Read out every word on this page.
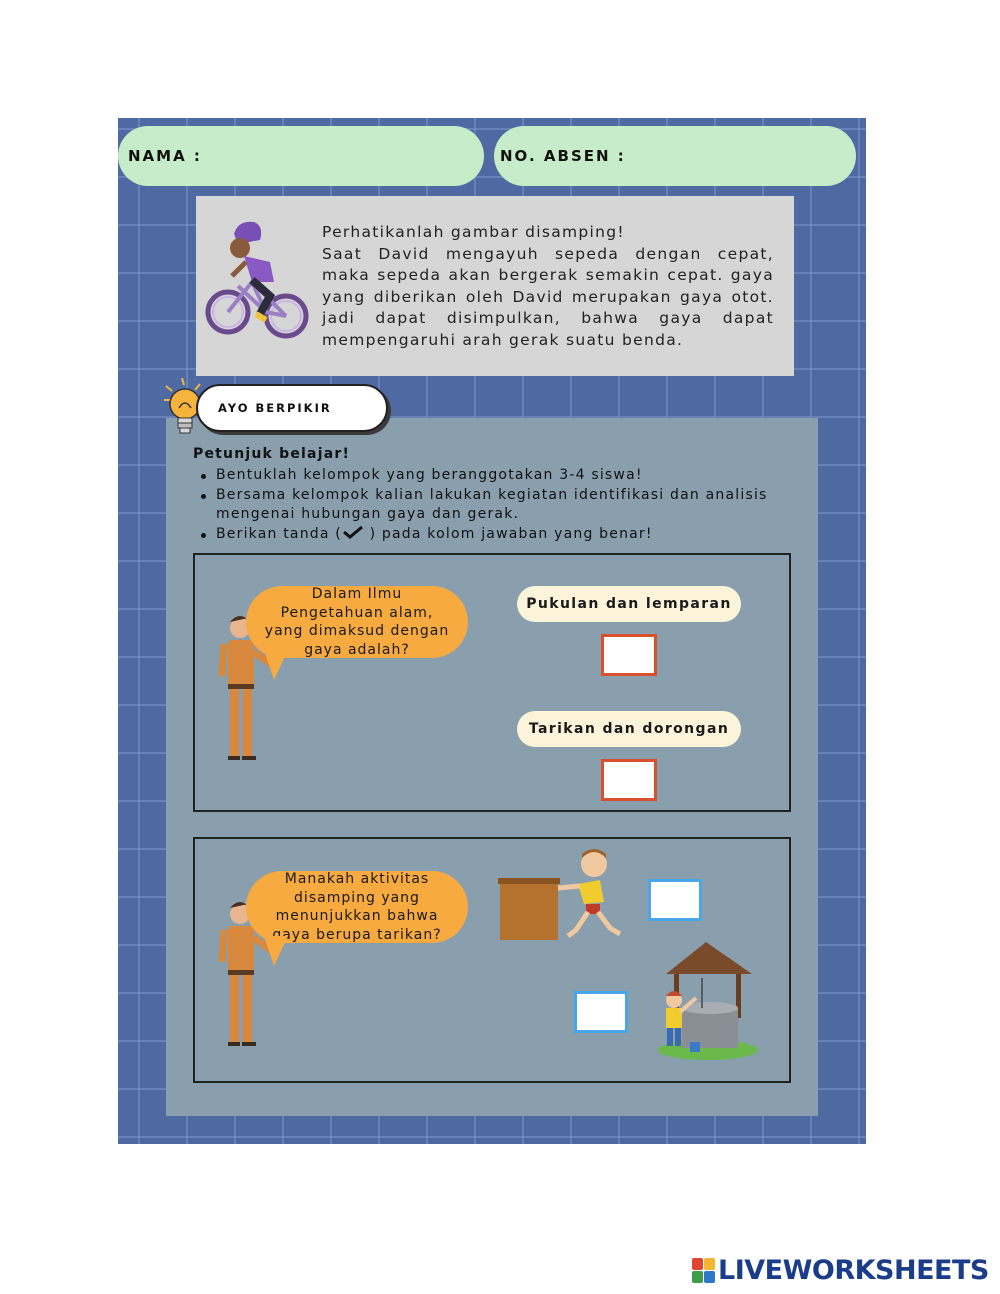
NAMA :	NO. ABSEN :
Perhatikanlah gambar disamping!
Saat David mengayuh sepeda dengan cepat, maka sepeda akan bergerak semakin cepat. gaya yang diberikan oleh David merupakan gaya otot. jadi dapat disimpulkan, bahwa gaya dapat mempengaruhi arah gerak suatu benda.
AYO BERPIKIR
Petunjuk belajar!
Bentuklah kelompok yang beranggotakan 3-4 siswa!
Bersama kelompok kalian lakukan kegiatan identifikasi dan analisis mengenai hubungan gaya dan gerak.
Berikan tanda ( ) pada kolom jawaban yang benar!
Dalam Ilmu Pengetahuan alam, yang dimaksud dengan gaya adalah?
Pukulan dan lemparan
Tarikan dan dorongan
Manakah aktivitas disamping yang menunjukkan bahwa gaya berupa tarikan?
LIVEWORKSHEETS
